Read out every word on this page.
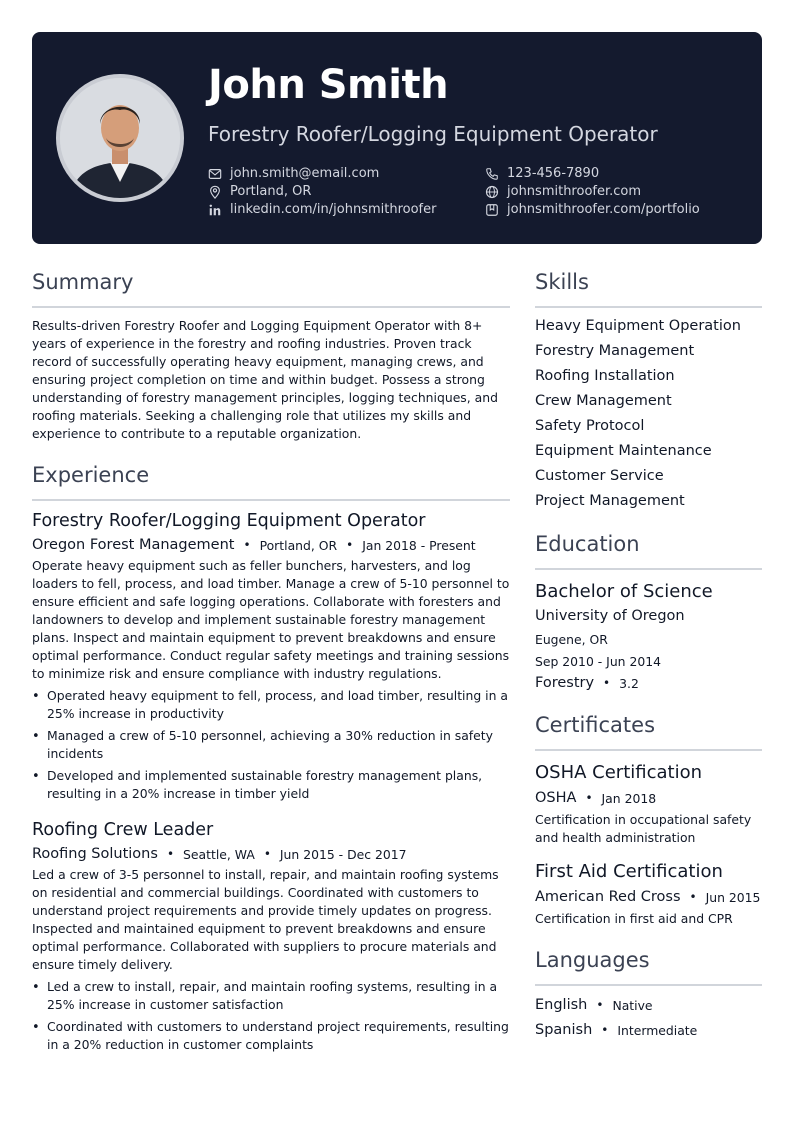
John Smith
Forestry Roofer/Logging Equipment Operator
john.smith@email.com	123-456-7890
Portland, OR	johnsmithroofer.com
linkedin.com/in/johnsmithroofer	johnsmithroofer.com/portfolio
Summary

Results-driven Forestry Roofer and Logging Equipment Operator with 8+ years of experience in the forestry and roofing industries. Proven track record of successfully operating heavy equipment, managing crews, and ensuring project completion on time and within budget. Possess a strong understanding of forestry management principles, logging techniques, and roofing materials. Seeking a challenging role that utilizes my skills and experience to contribute to a reputable organization.

Experience
Forestry Roofer/Logging Equipment Operator
Oregon Forest Management • Portland, OR • Jan 2018 - Present

Operate heavy equipment such as feller bunchers, harvesters, and log loaders to fell, process, and load timber. Manage a crew of 5-10 personnel to ensure efficient and safe logging operations. Collaborate with foresters and landowners to develop and implement sustainable forestry management plans. Inspect and maintain equipment to prevent breakdowns and ensure optimal performance. Conduct regular safety meetings and training sessions to minimize risk and ensure compliance with industry regulations.

• Operated heavy equipment to fell, process, and load timber, resulting in a 25% increase in productivity
• Managed a crew of 5-10 personnel, achieving a 30% reduction in safety incidents
• Developed and implemented sustainable forestry management plans, resulting in a 20% increase in timber yield
Roofing Crew Leader
Roofing Solutions • Seattle, WA • Jun 2015 - Dec 2017

Led a crew of 3-5 personnel to install, repair, and maintain roofing systems on residential and commercial buildings. Coordinated with customers to understand project requirements and provide timely updates on progress. Inspected and maintained equipment to prevent breakdowns and ensure optimal performance. Collaborated with suppliers to procure materials and ensure timely delivery.

• Led a crew to install, repair, and maintain roofing systems, resulting in a 25% increase in customer satisfaction
• Coordinated with customers to understand project requirements, resulting in a 20% reduction in customer complaints
Skills
Heavy Equipment Operation
Forestry Management
Roofing Installation
Crew Management
Safety Protocol
Equipment Maintenance
Customer Service
Project Management
Education
Bachelor of Science
University of Oregon
Eugene, OR
Sep 2010 - Jun 2014
Forestry • 3.2
Certificates
OSHA Certification
OSHA • Jan 2018

Certification in occupational safety and health administration

First Aid Certification
American Red Cross • Jun 2015

Certification in first aid and CPR

Languages
English • Native
Spanish • Intermediate
